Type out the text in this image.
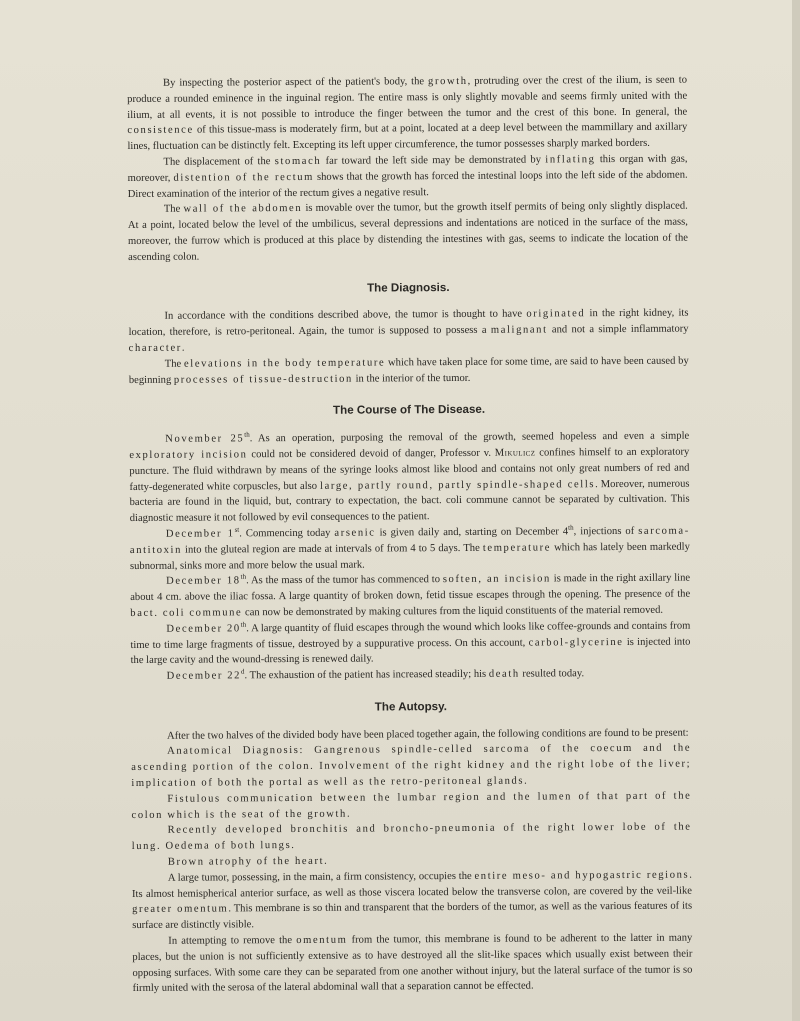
By inspecting the posterior aspect of the patient's body, the growth, protruding over the crest of the ilium, is seen to produce a rounded eminence in the inguinal region. The entire mass is only slightly movable and seems firmly united with the ilium, at all events, it is not possible to introduce the finger between the tumor and the crest of this bone. In general, the consistence of this tissue-mass is moderately firm, but at a point, located at a deep level between the mammillary and axillary lines, fluctuation can be distinctly felt. Excepting its left upper circumference, the tumor possesses sharply marked borders.

The displacement of the stomach far toward the left side may be demonstrated by inflating this organ with gas, moreover, distention of the rectum shows that the growth has forced the intestinal loops into the left side of the abdomen. Direct examination of the interior of the rectum gives a negative result.

The wall of the abdomen is movable over the tumor, but the growth itself permits of being only slightly displaced. At a point, located below the level of the umbilicus, several depressions and indentations are noticed in the surface of the mass, moreover, the furrow which is produced at this place by distending the intestines with gas, seems to indicate the location of the ascending colon.

The Diagnosis.

In accordance with the conditions described above, the tumor is thought to have originated in the right kidney, its location, therefore, is retro-peritoneal. Again, the tumor is supposed to possess a malignant and not a simple inflammatory character.

The elevations in the body temperature which have taken place for some time, are said to have been caused by beginning processes of tissue-destruction in the interior of the tumor.

The Course of The Disease.

November 25th. As an operation, purposing the removal of the growth, seemed hopeless and even a simple exploratory incision could not be considered devoid of danger, Professor v. Mikulicz confines himself to an exploratory puncture. The fluid withdrawn by means of the syringe looks almost like blood and contains not only great numbers of red and fatty-degenerated white corpuscles, but also large, partly round, partly spindle-shaped cells. Moreover, numerous bacteria are found in the liquid, but, contrary to expectation, the bact. coli commune cannot be separated by cultivation. This diagnostic measure it not followed by evil consequences to the patient.

December 1st. Commencing today arsenic is given daily and, starting on December 4th, injections of sarcoma-antitoxin into the gluteal region are made at intervals of from 4 to 5 days. The temperature which has lately been markedly subnormal, sinks more and more below the usual mark.

December 18th. As the mass of the tumor has commenced to soften, an incision is made in the right axillary line about 4 cm. above the iliac fossa. A large quantity of broken down, fetid tissue escapes through the opening. The presence of the bact. coli commune can now be demonstrated by making cultures from the liquid constituents of the material removed.

December 20th. A large quantity of fluid escapes through the wound which looks like coffee-grounds and contains from time to time large fragments of tissue, destroyed by a suppurative process. On this account, carbol-glycerine is injected into the large cavity and the wound-dressing is renewed daily.

December 22$^d$. The exhaustion of the patient has increased steadily; his death resulted today.

The Autopsy.

After the two halves of the divided body have been placed together again, the following conditions are found to be present:

Anatomical Diagnosis: Gangrenous spindle-celled sarcoma of the coecum and the ascending portion of the colon. Involvement of the right kidney and the right lobe of the liver; implication of both the portal as well as the retro-peritoneal glands.

Fistulous communication between the lumbar region and the lumen of that part of the colon which is the seat of the growth.

Recently developed bronchitis and broncho-pneumonia of the right lower lobe of the lung. Oedema of both lungs.

Brown atrophy of the heart.

A large tumor, possessing, in the main, a firm consistency, occupies the entire meso- and hypogastric regions. Its almost hemispherical anterior surface, as well as those viscera located below the transverse colon, are covered by the veil-like greater omentum. This membrane is so thin and transparent that the borders of the tumor, as well as the various features of its surface are distinctly visible.

In attempting to remove the omentum from the tumor, this membrane is found to be adherent to the latter in many places, but the union is not sufficiently extensive as to have destroyed all the slit-like spaces which usually exist between their opposing surfaces. With some care they can be separated from one another without injury, but the lateral surface of the tumor is so firmly united with the serosa of the lateral abdominal wall that a separation cannot be effected.
